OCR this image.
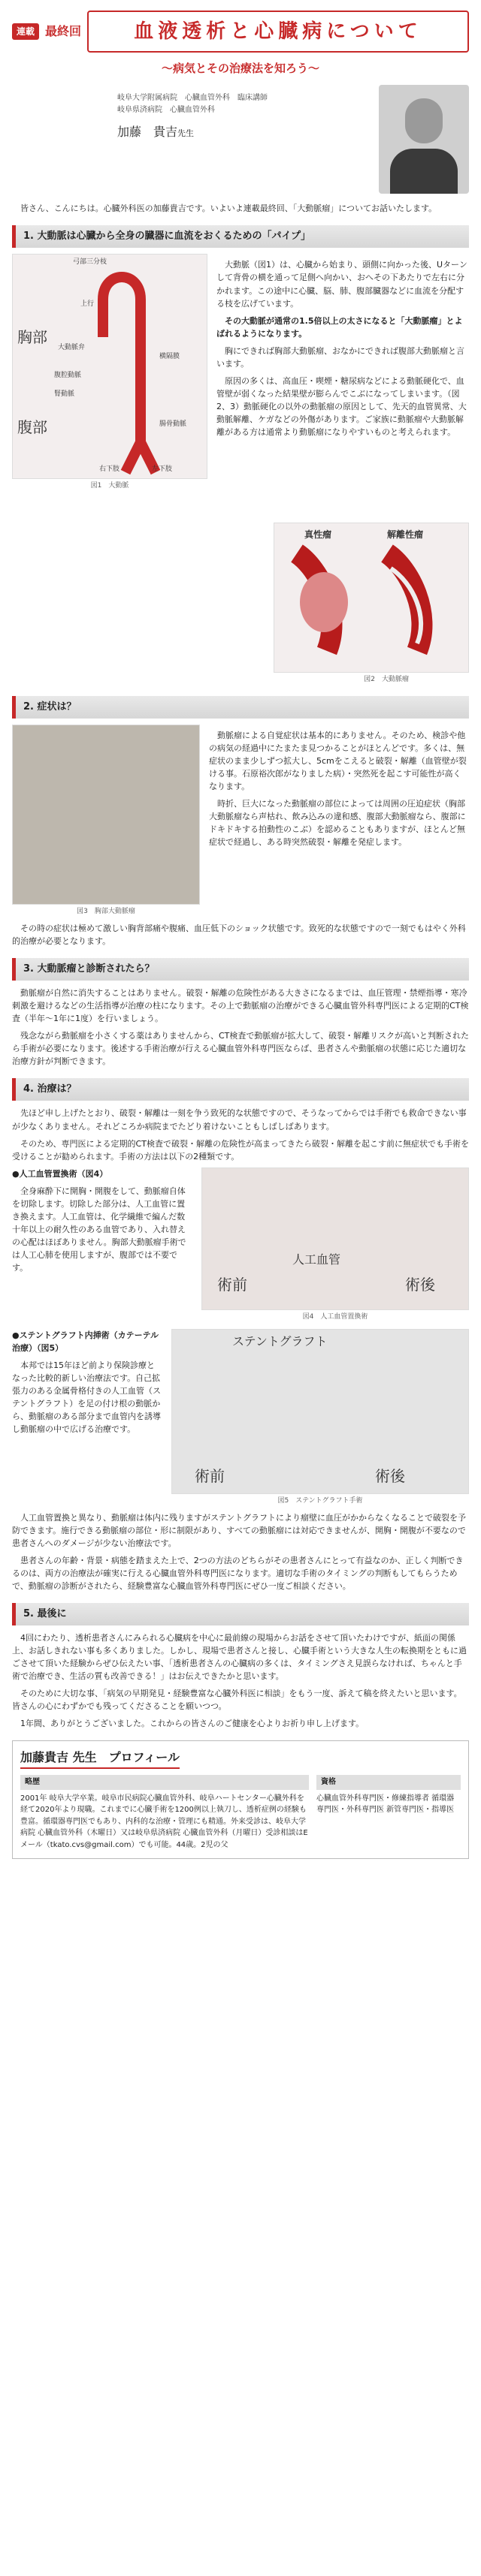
連載 最終回	血液透析と心臓病について
〜病気とその治療法を知ろう〜
岐阜大学附属病院　心臓血管外科　臨床講師
岐阜県済病院　心臓血管外科
加藤　貴吉先生

皆さん、こんにちは。心臓外科医の加藤貴吉です。いよいよ連載最終回、「大動脈瘤」についてお話いたします。

1. 大動脈は心臓から全身の臓器に血流をおくるための「パイプ」
胸部
腹部
弓部三分枝
上行
大動脈弁
横隔膜
腹腔動脈
腎動脈
腸骨動脈
右下肢	左下肢
図1　大動脈

大動脈（図1）は、心臓から始まり、頭側に向かった後、Uターンして背骨の横を通って足側へ向かい、おへその下あたりで左右に分かれます。この途中に心臓、脳、肺、腹部臓器などに血流を分配する枝を広げています。

その大動脈が通常の1.5倍以上の太さになると「大動脈瘤」とよばれるようになります。

胸にできれば胸部大動脈瘤、おなかにできれば腹部大動脈瘤と言います。

原因の多くは、高血圧・喫煙・糖尿病などによる動脈硬化で、血管壁が弱くなった結果壁が膨らんでこぶになってしまいます。（図2、3）動脈硬化の以外の動脈瘤の原因として、先天的血管異常、大動脈解離、ケガなどの外傷があります。ご家族に動脈瘤や大動脈解離がある方は通常より動脈瘤になりやすいものと考えられます。

真性瘤	解離性瘤
図2　大動脈瘤
2. 症状は？
図3　胸部大動脈瘤

動脈瘤による自覚症状は基本的にありません。そのため、検診や他の病気の経過中にたまたま見つかることがほとんどです。多くは、無症状のまま少しずつ拡大し、5cmをこえると破裂・解離（血管壁が裂ける事。石原裕次郎がなりました病）・突然死を起こす可能性が高くなります。

時折、巨大になった動脈瘤の部位によっては周囲の圧迫症状（胸部大動脈瘤なら声枯れ、飲み込みの違和感、腹部大動脈瘤なら、腹部にドキドキする拍動性のこぶ）を認めることもありますが、ほとんど無症状で経過し、ある時突然破裂・解離を発症します。

その時の症状は極めて激しい胸背部痛や腹痛、血圧低下のショック状態です。致死的な状態ですので一刻でもはやく外科的治療が必要となります。

3. 大動脈瘤と診断されたら？

動脈瘤が自然に消失することはありません。破裂・解離の危険性がある大きさになるまでは、血圧管理・禁煙指導・寒冷刺激を避けるなどの生活指導が治療の柱になります。その上で動脈瘤の治療ができる心臓血管外科専門医による定期的CT検査（半年〜1年に1度）を行いましょう。

残念ながら動脈瘤を小さくする薬はありませんから、CT検査で動脈瘤が拡大して、破裂・解離リスクが高いと判断されたら手術が必要になります。後述する手術治療が行える心臓血管外科専門医ならば、患者さんや動脈瘤の状態に応じた適切な治療方針が判断できます。

4. 治療は？

先ほど申し上げたとおり、破裂・解離は一刻を争う致死的な状態ですので、そうなってからでは手術でも救命できない事が少なくありません。それどころか病院までたどり着けないこともしばしばあります。

そのため、専門医による定期的CT検査で破裂・解離の危険性が高まってきたら破裂・解離を起こす前に無症状でも手術を受けることが勧められます。手術の方法は以下の2種類です。

●人工血管置換術（図4）

全身麻酔下に開胸・開腹をして、動脈瘤自体を切除します。切除した部分は、人工血管に置き換えます。人工血管は、化学繊維で編んだ数十年以上の耐久性のある血管であり、入れ替えの心配はほぼありません。胸部大動脈瘤手術では人工心肺を使用しますが、腹部では不要です。

術前
人工血管
術後
図4　人工血管置換術
●ステントグラフト内挿術（カテーテル治療）（図5）

本邦では15年ほど前より保険診療となった比較的新しい治療法です。自己拡張力のある金属骨格付きの人工血管（ステントグラフト）を足の付け根の動脈から、動脈瘤のある部分まで血管内を誘導し動脈瘤の中で広げる治療です。

ステントグラフト
術前	術後
図5　ステントグラフト手術

人工血管置換と異なり、動脈瘤は体内に残りますがステントグラフトにより瘤壁に血圧がかからなくなることで破裂を予防できます。施行できる動脈瘤の部位・形に制限があり、すべての動脈瘤には対応できませんが、開胸・開腹が不要なので患者さんへのダメージが少ない治療法です。

患者さんの年齢・背景・病態を踏まえた上で、2つの方法のどちらがその患者さんにとって有益なのか、正しく判断できるのは、両方の治療法が確実に行える心臓血管外科専門医になります。適切な手術のタイミングの判断もしてもらうためで、動脈瘤の診断がされたら、経験豊富な心臓血管外科専門医にぜひ一度ご相談ください。

5. 最後に

4回にわたり、透析患者さんにみられる心臓病を中心に最前線の現場からお話をさせて頂いたわけですが、紙面の関係上、お話しきれない事も多くありました。しかし、現場で患者さんと接し、心臓手術という大きな人生の転換期をともに過ごさせて頂いた経験からぜひ伝えたい事、「透析患者さんの心臓病の多くは、タイミングさえ見誤らなければ、ちゃんと手術で治療でき、生活の質も改善できる！」はお伝えできたかと思います。

そのために大切な事、「病気の早期発見・経験豊富な心臓外科医に相談」をもう一度、訴えて稿を終えたいと思います。皆さんの心にわずかでも残ってくださることを願いつつ。

1年間、ありがとうございました。これからの皆さんのご健康を心よりお祈り申し上げます。

加藤貴吉 先生　プロフィール
略歴
2001年 岐阜大学卒業。岐阜市民病院心臓血管外科、岐阜ハートセンター心臓外科を経て2020年より現職。これまでに心臓手術を1200例以上執刀し、透析症例の経験も豊富。循環器専門医でもあり、内科的な治療・管理にも精通。外来受診は、岐阜大学病院 心臓血管外科（木曜日）又は岐阜県済病院 心臓血管外科（月曜日）受診相談はEメール（tkato.cvs@gmail.com）でも可能。44歳。2児の父
資格
心臓血管外科専門医・修練指導者 循環器専門医・外科専門医 新管専門医・指導医
